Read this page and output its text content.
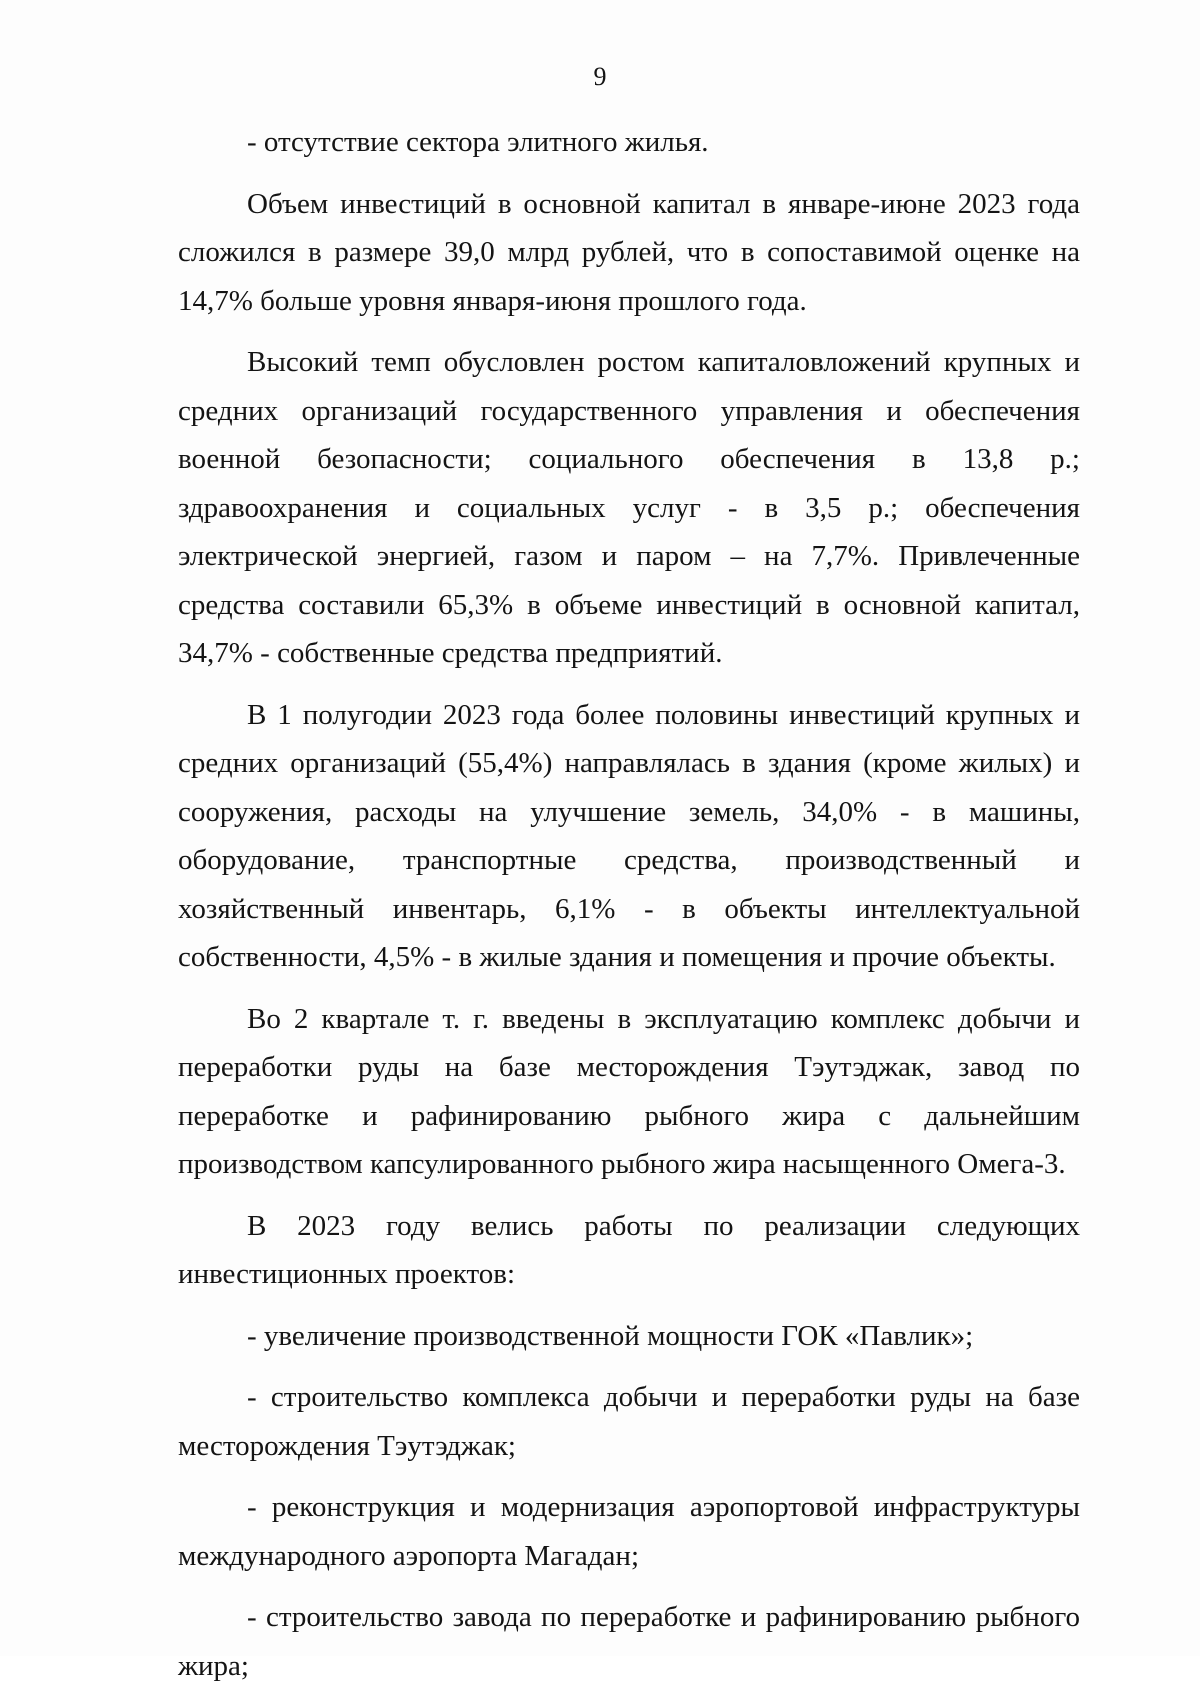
9

- отсутствие сектора элитного жилья.

Объем инвестиций в основной капитал в январе-июне 2023 года сложился в размере 39,0 млрд рублей, что в сопоставимой оценке на 14,7% больше уровня января-июня прошлого года.

Высокий темп обусловлен ростом капиталовложений крупных и средних организаций государственного управления и обеспечения военной безопасности; социального обеспечения в 13,8 р.; здравоохранения и социальных услуг - в 3,5 р.; обеспечения электрической энергией, газом и паром – на 7,7%. Привлеченные средства составили 65,3% в объеме инвестиций в основной капитал, 34,7% - собственные средства предприятий.

В 1 полугодии 2023 года более половины инвестиций крупных и средних организаций (55,4%) направлялась в здания (кроме жилых) и сооружения, расходы на улучшение земель, 34,0% - в машины, оборудование, транспортные средства, производственный и хозяйственный инвентарь, 6,1% - в объекты интеллектуальной собственности, 4,5% - в жилые здания и помещения и прочие объекты.

Во 2 квартале т. г. введены в эксплуатацию комплекс добычи и переработки руды на базе месторождения Тэутэджак, завод по переработке и рафинированию рыбного жира с дальнейшим производством капсулированного рыбного жира насыщенного Омега-3.

В 2023 году велись работы по реализации следующих инвестиционных проектов:

- увеличение производственной мощности ГОК «Павлик»;

- строительство комплекса добычи и переработки руды на базе месторождения Тэутэджак;

- реконструкция и модернизация аэропортовой инфраструктуры международного аэропорта Магадан;

- строительство завода по переработке и рафинированию рыбного жира;
